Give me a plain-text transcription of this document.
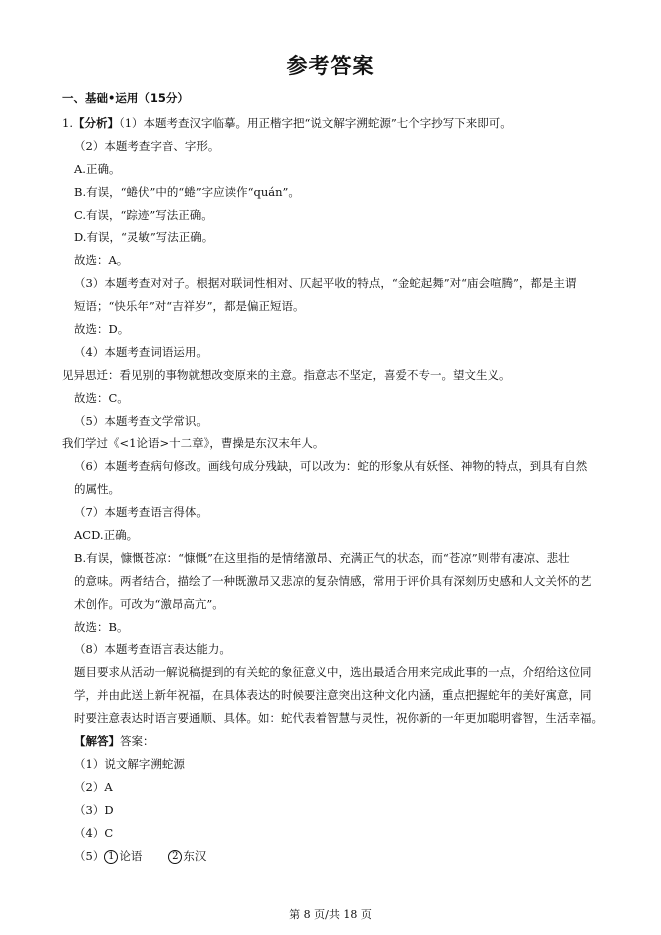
参考答案
一、基础•运用（15分）
1.【分析】（1）本题考查汉字临摹。用正楷字把“说文解字溯蛇源”七个字抄写下来即可。
（2）本题考查字音、字形。
A.正确。
B.有误，“蜷伏”中的“蜷”字应读作“quán”。
C.有误，“踪迹”写法正确。
D.有误，“灵敏”写法正确。
故选：A。
（3）本题考查对对子。根据对联词性相对、仄起平收的特点，“金蛇起舞”对“庙会喧腾”，都是主谓
短语；“快乐年”对“吉祥岁”，都是偏正短语。
故选：D。
（4）本题考查词语运用。
见异思迁：看见别的事物就想改变原来的主意。指意志不坚定，喜爱不专一。望文生义。
故选：C。
（5）本题考查文学常识。
我们学过《<1论语>十二章》，曹操是东汉末年人。
（6）本题考查病句修改。画线句成分残缺，可以改为：蛇的形象从有妖怪、神物的特点，到具有自然
的属性。
（7）本题考查语言得体。
ACD.正确。
B.有误，慷慨苍凉：“慷慨”在这里指的是情绪激昂、充满正气的状态，而“苍凉”则带有凄凉、悲壮
的意味。两者结合，描绘了一种既激昂又悲凉的复杂情感，常用于评价具有深刻历史感和人文关怀的艺
术创作。可改为“激昂高亢”。
故选：B。
（8）本题考查语言表达能力。
题目要求从活动一解说稿提到的有关蛇的象征意义中，选出最适合用来完成此事的一点，介绍给这位同
学，并由此送上新年祝福，在具体表达的时候要注意突出这种文化内涵，重点把握蛇年的美好寓意，同
时要注意表达时语言要通顺、具体。如：蛇代表着智慧与灵性，祝你新的一年更加聪明睿智，生活幸福。
【解答】答案：
（1）说文解字溯蛇源
（2）A
（3）D
（4）C
（5） 1 论语	2 东汉
第 8 页/共 18 页
